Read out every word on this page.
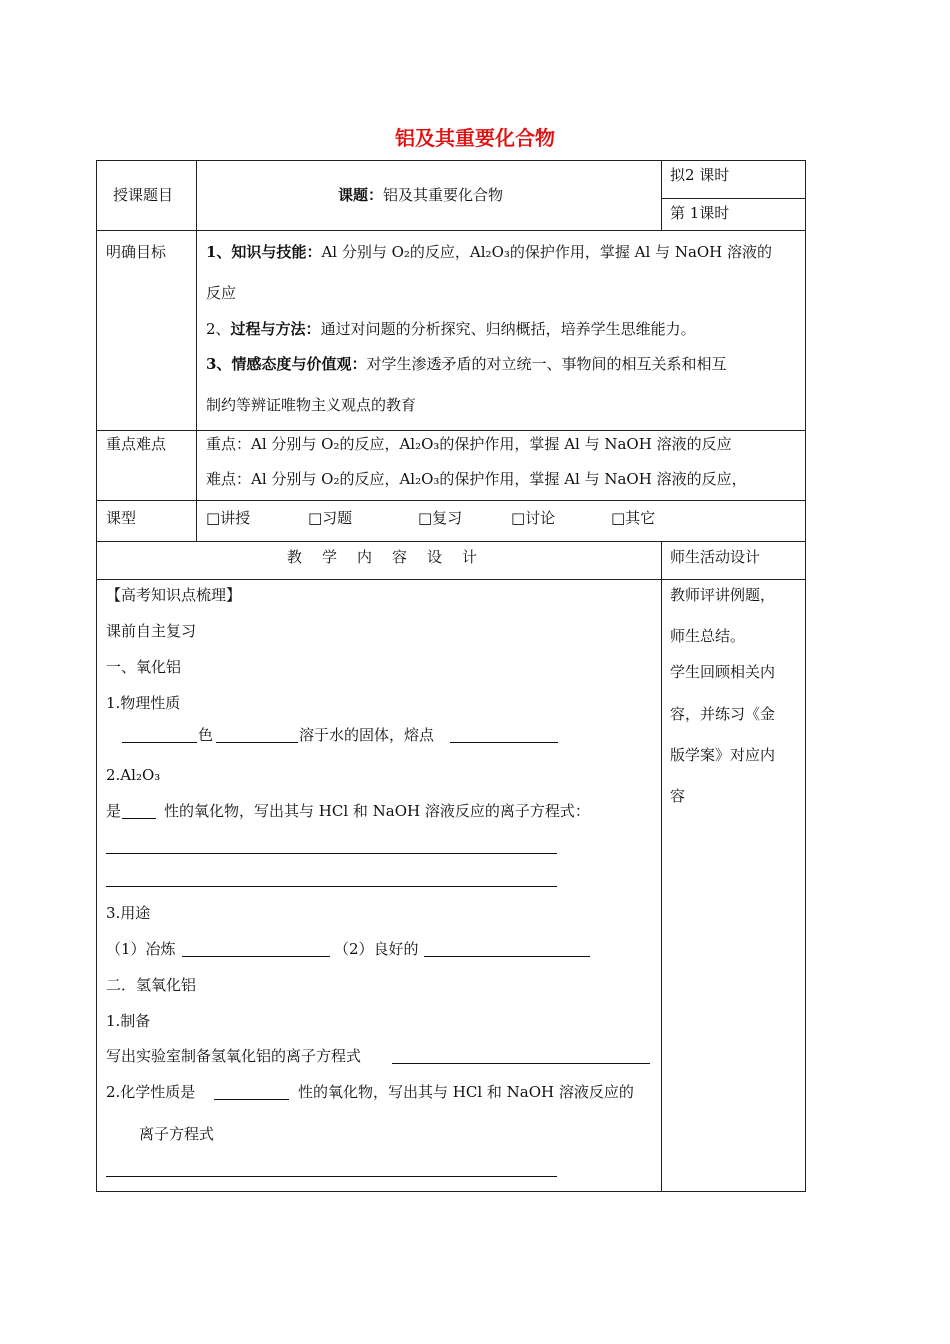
铝及其重要化合物
授课题目	课题：铝及其重要化合物
拟2 课时
第 1课时
明确目标	1、知识与技能：Al 分别与 O₂的反应，Al₂O₃的保护作用，掌握 Al 与 NaOH 溶液的
反应
2、过程与方法：通过对问题的分析探究、归纳概括，培养学生思维能力。
3、情感态度与价值观：对学生渗透矛盾的对立统一、事物间的相互关系和相互
制约等辨证唯物主义观点的教育
重点难点	重点：Al 分别与 O₂的反应，Al₂O₃的保护作用，掌握 Al 与 NaOH 溶液的反应
难点：Al 分别与 O₂的反应，Al₂O₃的保护作用，掌握 Al 与 NaOH 溶液的反应，
课型	□讲授	□习题	□复习	□讨论	□其它
教学内容设计	师生活动设计
【高考知识点梳理】
课前自主复习
一、氧化铝
1.物理性质
色	溶于水的固体，熔点
2.Al₂O₃
是	性的氧化物，写出其与 HCl 和 NaOH 溶液反应的离子方程式：
3.用途
（1）冶炼	（2）良好的
二．氢氧化铝
1.制备
写出实验室制备氢氧化铝的离子方程式
2.化学性质是	性的氧化物，写出其与 HCl 和 NaOH 溶液反应的
离子方程式
教师评讲例题，
师生总结。
学生回顾相关内
容，并练习《金
版学案》对应内
容
